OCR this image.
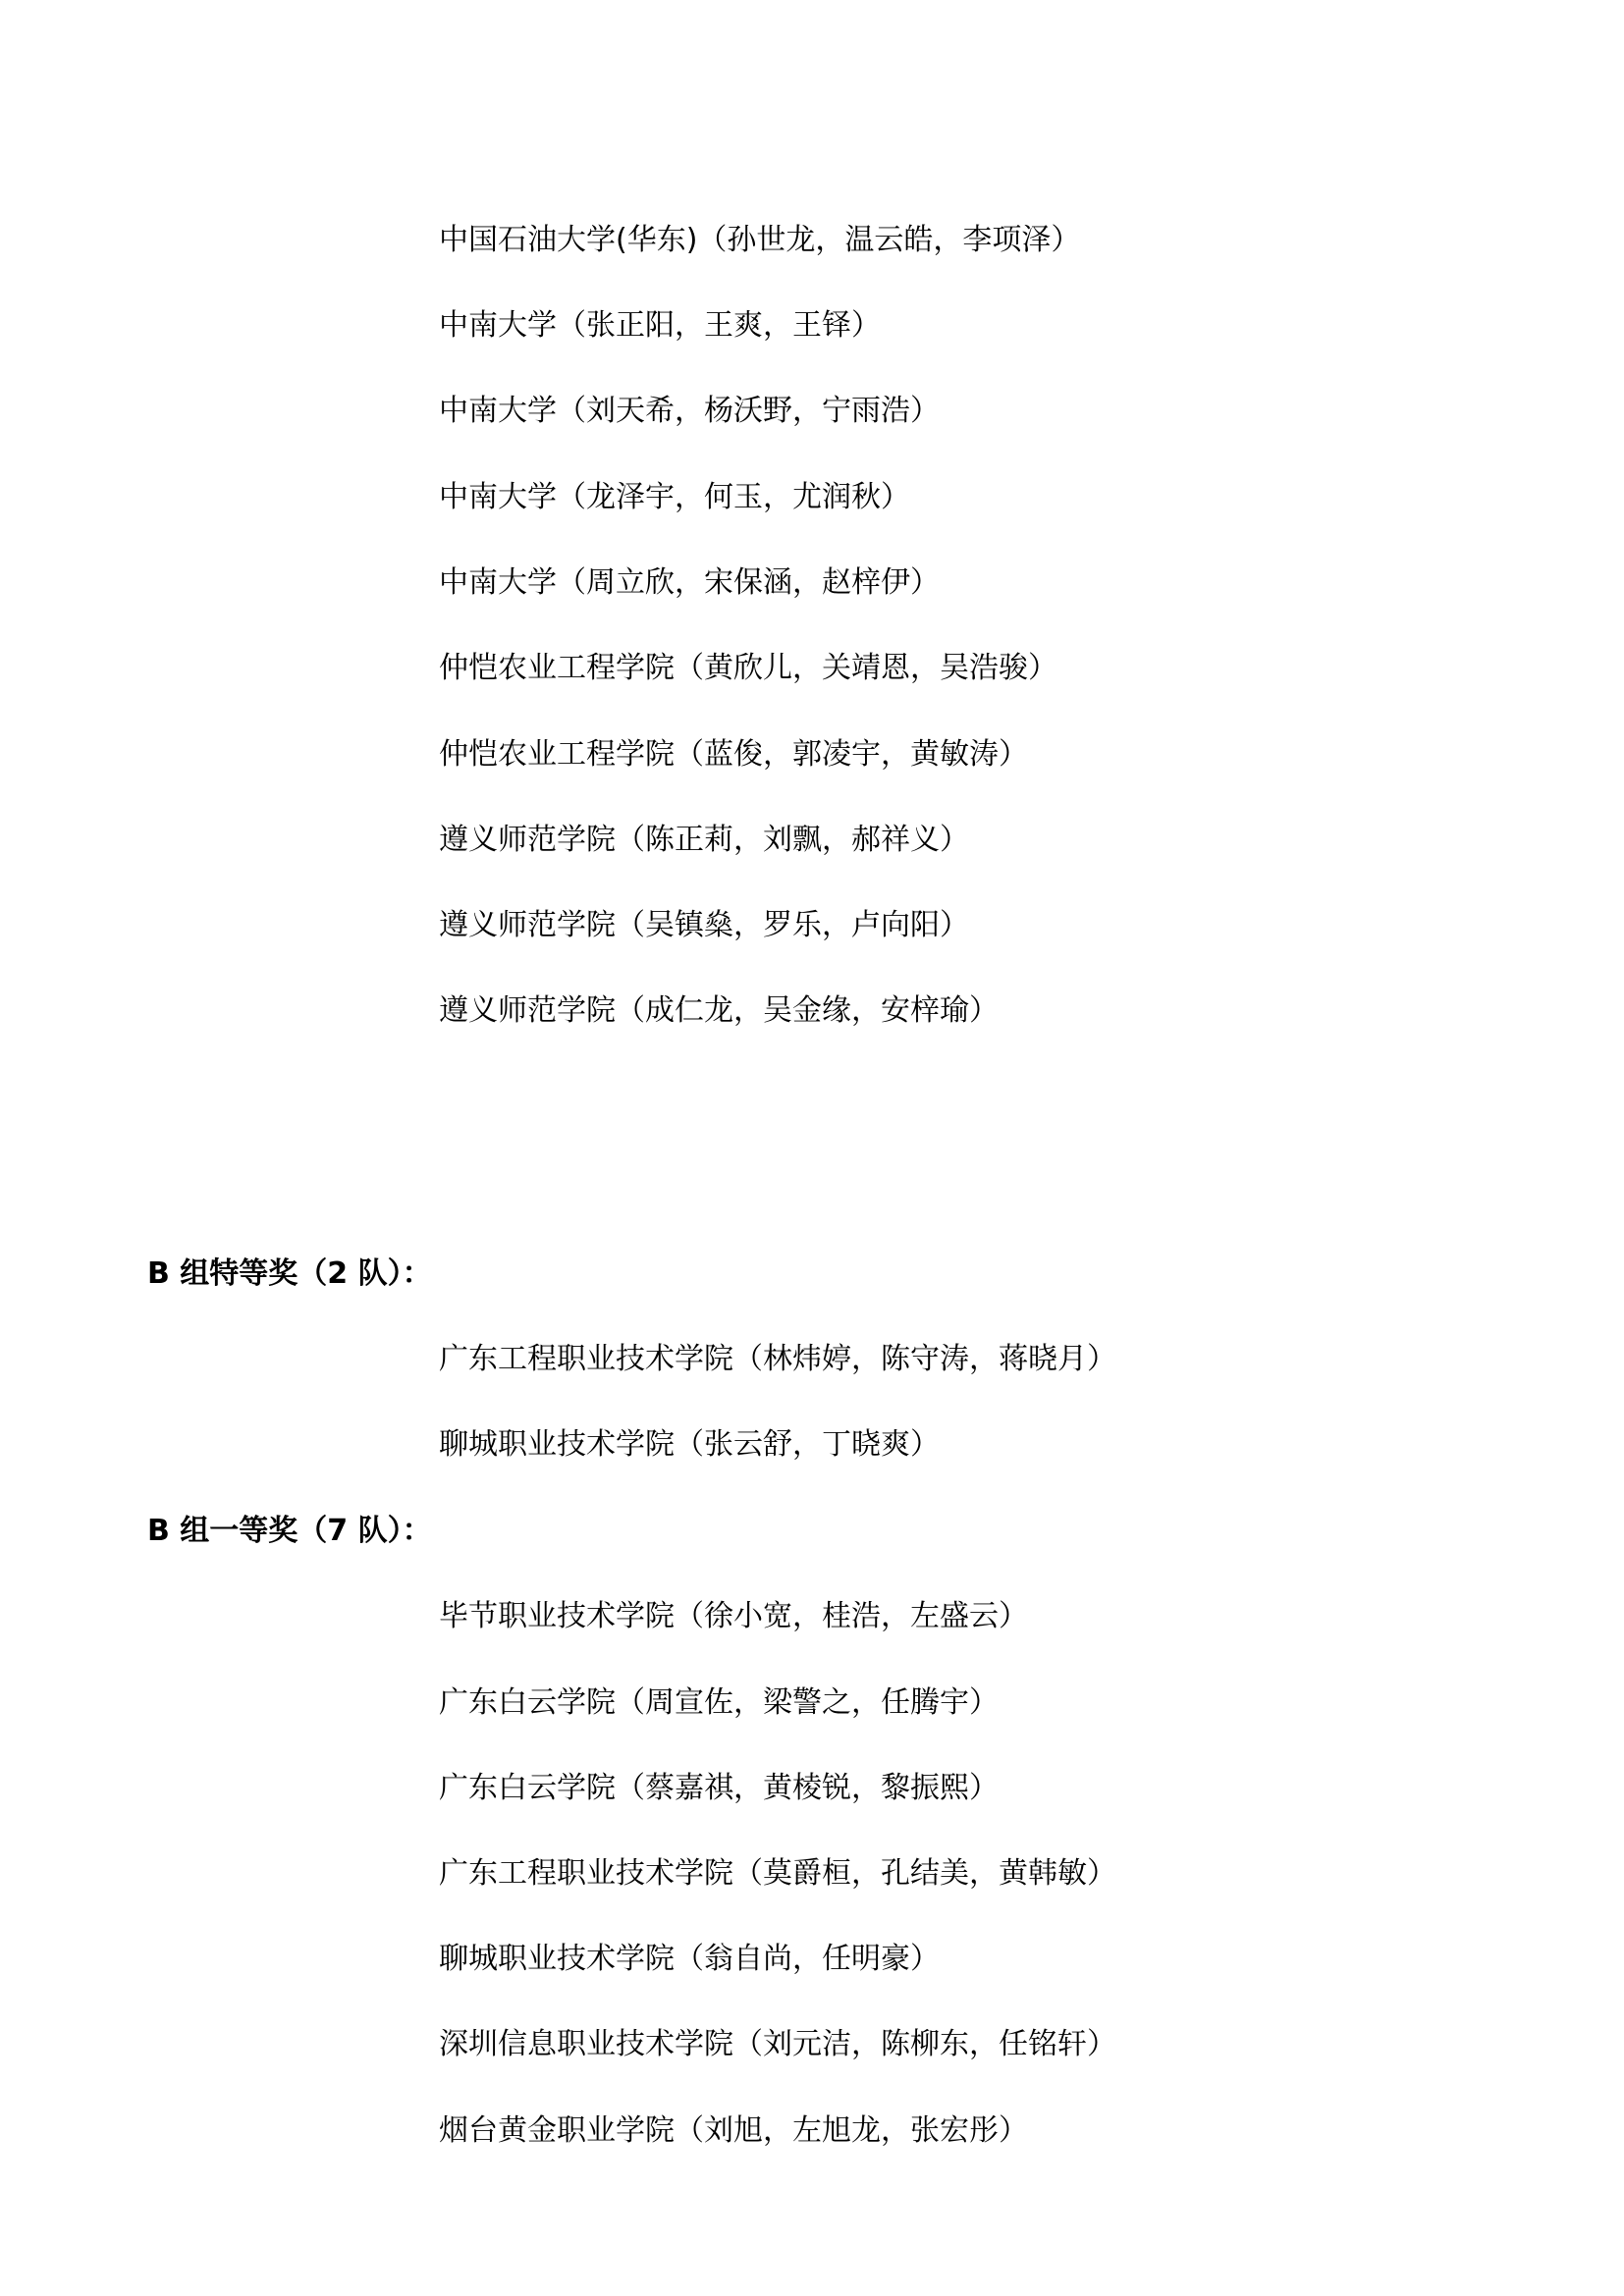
中国石油大学(华东)（孙世龙，温云皓，李项泽）
中南大学（张正阳，王爽，王铎）
中南大学（刘天希，杨沃野，宁雨浩）
中南大学（龙泽宇，何玉，尤润秋）
中南大学（周立欣，宋保涵，赵梓伊）
仲恺农业工程学院（黄欣儿，关靖恩，吴浩骏）
仲恺农业工程学院（蓝俊，郭凌宇，黄敏涛）
遵义师范学院（陈正莉，刘飘，郝祥义）
遵义师范学院（吴镇燊，罗乐，卢向阳）
遵义师范学院（成仁龙，吴金缘，安梓瑜）
B 组特等奖（2 队）：
广东工程职业技术学院（林炜婷，陈守涛，蒋晓月）
聊城职业技术学院（张云舒，丁晓爽）
B 组一等奖（7 队）：
毕节职业技术学院（徐小宽，桂浩，左盛云）
广东白云学院（周宣佐，梁警之，任腾宇）
广东白云学院（蔡嘉祺，黄棱锐，黎振熙）
广东工程职业技术学院（莫爵桓，孔结美，黄韩敏）
聊城职业技术学院（翁自尚，任明豪）
深圳信息职业技术学院（刘元洁，陈柳东，任铭轩）
烟台黄金职业学院（刘旭，左旭龙，张宏彤）
